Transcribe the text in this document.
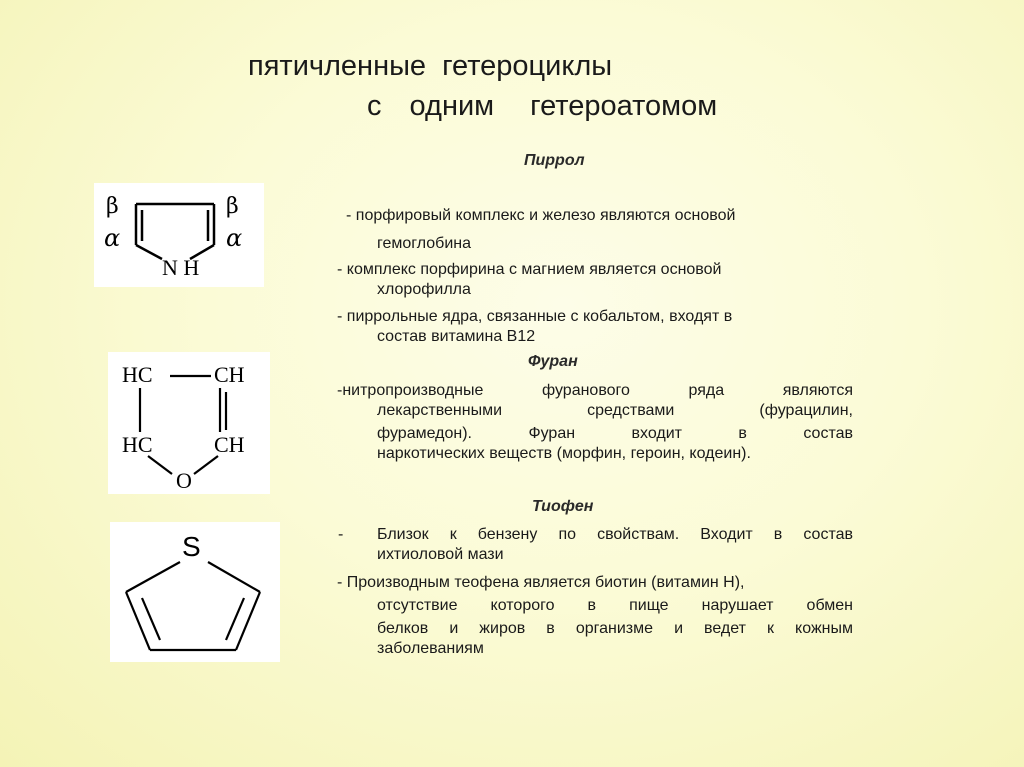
пятичленные гетероциклы
с одним гетероатомом
β	β
α	α
N H
HC	CH
HC	CH
O
S
Пиррол
- порфировый комплекс и железо являются основой
гемоглобина
- комплекс порфирина с магнием является основой
хлорофилла
- пиррольные ядра, связанные с кобальтом, входят в
состав витамина В12
Фуран
-нитропроизводные фуранового ряда являются
лекарственными средствами (фурацилин,
фурамедон). Фуран входит в состав
наркотических веществ (морфин, героин, кодеин).
Тиофен
- Близок к бензену по свойствам. Входит в состав
ихтиоловой мази
- Производным теофена является биотин (витамин Н),
отсутствие которого в пище нарушает обмен
белков и жиров в организме и ведет к кожным
заболеваниям
